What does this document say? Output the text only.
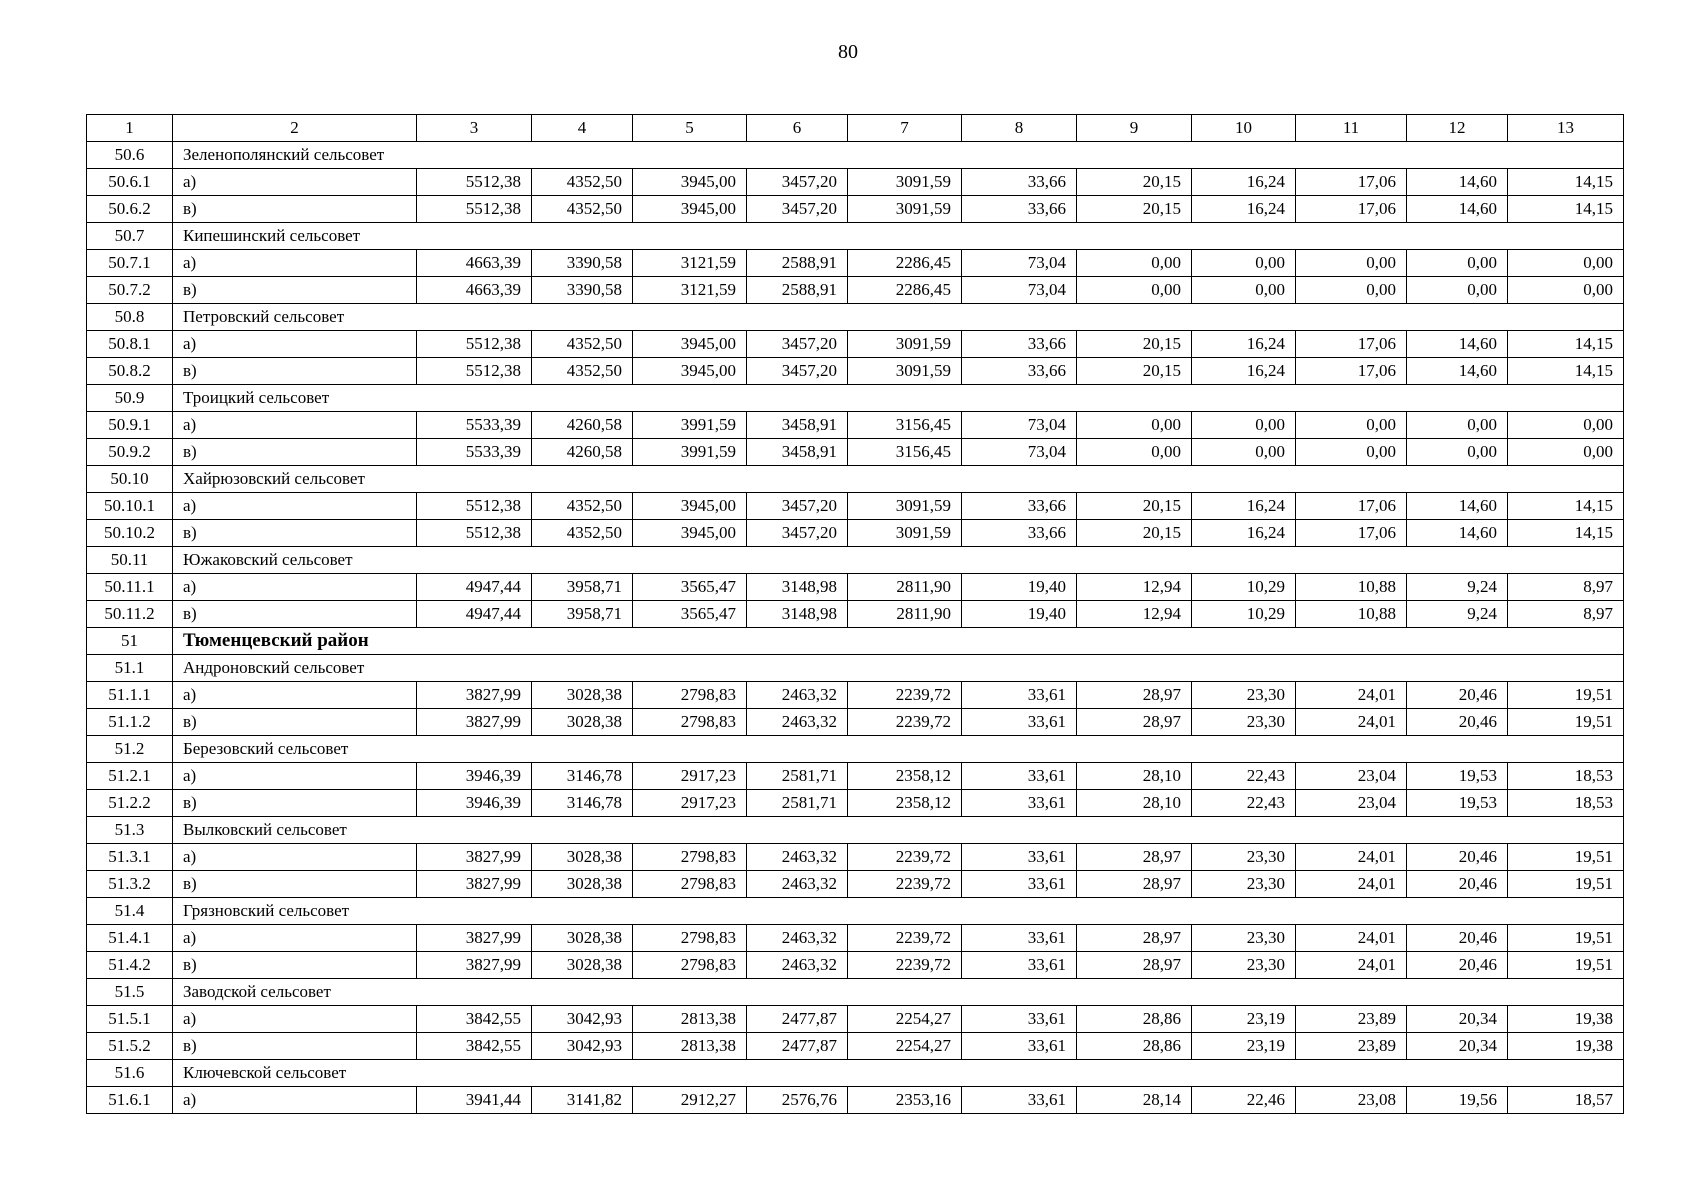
80
1	2	3	4	5	6	7	8	9	10	11	12	13
50.6	Зеленополянский сельсовет											
50.6.1	а)	5512,38	4352,50	3945,00	3457,20	3091,59	33,66	20,15	16,24	17,06	14,60	14,15
50.6.2	в)	5512,38	4352,50	3945,00	3457,20	3091,59	33,66	20,15	16,24	17,06	14,60	14,15
50.7	Кипешинский сельсовет											
50.7.1	а)	4663,39	3390,58	3121,59	2588,91	2286,45	73,04	0,00	0,00	0,00	0,00	0,00
50.7.2	в)	4663,39	3390,58	3121,59	2588,91	2286,45	73,04	0,00	0,00	0,00	0,00	0,00
50.8	Петровский сельсовет											
50.8.1	а)	5512,38	4352,50	3945,00	3457,20	3091,59	33,66	20,15	16,24	17,06	14,60	14,15
50.8.2	в)	5512,38	4352,50	3945,00	3457,20	3091,59	33,66	20,15	16,24	17,06	14,60	14,15
50.9	Троицкий сельсовет											
50.9.1	а)	5533,39	4260,58	3991,59	3458,91	3156,45	73,04	0,00	0,00	0,00	0,00	0,00
50.9.2	в)	5533,39	4260,58	3991,59	3458,91	3156,45	73,04	0,00	0,00	0,00	0,00	0,00
50.10	Хайрюзовский сельсовет											
50.10.1	а)	5512,38	4352,50	3945,00	3457,20	3091,59	33,66	20,15	16,24	17,06	14,60	14,15
50.10.2	в)	5512,38	4352,50	3945,00	3457,20	3091,59	33,66	20,15	16,24	17,06	14,60	14,15
50.11	Южаковский сельсовет											
50.11.1	а)	4947,44	3958,71	3565,47	3148,98	2811,90	19,40	12,94	10,29	10,88	9,24	8,97
50.11.2	в)	4947,44	3958,71	3565,47	3148,98	2811,90	19,40	12,94	10,29	10,88	9,24	8,97
51	Тюменцевский район											
51.1	Андроновский сельсовет											
51.1.1	а)	3827,99	3028,38	2798,83	2463,32	2239,72	33,61	28,97	23,30	24,01	20,46	19,51
51.1.2	в)	3827,99	3028,38	2798,83	2463,32	2239,72	33,61	28,97	23,30	24,01	20,46	19,51
51.2	Березовский сельсовет											
51.2.1	а)	3946,39	3146,78	2917,23	2581,71	2358,12	33,61	28,10	22,43	23,04	19,53	18,53
51.2.2	в)	3946,39	3146,78	2917,23	2581,71	2358,12	33,61	28,10	22,43	23,04	19,53	18,53
51.3	Вылковский сельсовет											
51.3.1	а)	3827,99	3028,38	2798,83	2463,32	2239,72	33,61	28,97	23,30	24,01	20,46	19,51
51.3.2	в)	3827,99	3028,38	2798,83	2463,32	2239,72	33,61	28,97	23,30	24,01	20,46	19,51
51.4	Грязновский сельсовет											
51.4.1	а)	3827,99	3028,38	2798,83	2463,32	2239,72	33,61	28,97	23,30	24,01	20,46	19,51
51.4.2	в)	3827,99	3028,38	2798,83	2463,32	2239,72	33,61	28,97	23,30	24,01	20,46	19,51
51.5	Заводской сельсовет											
51.5.1	а)	3842,55	3042,93	2813,38	2477,87	2254,27	33,61	28,86	23,19	23,89	20,34	19,38
51.5.2	в)	3842,55	3042,93	2813,38	2477,87	2254,27	33,61	28,86	23,19	23,89	20,34	19,38
51.6	Ключевской сельсовет											
51.6.1	а)	3941,44	3141,82	2912,27	2576,76	2353,16	33,61	28,14	22,46	23,08	19,56	18,57
